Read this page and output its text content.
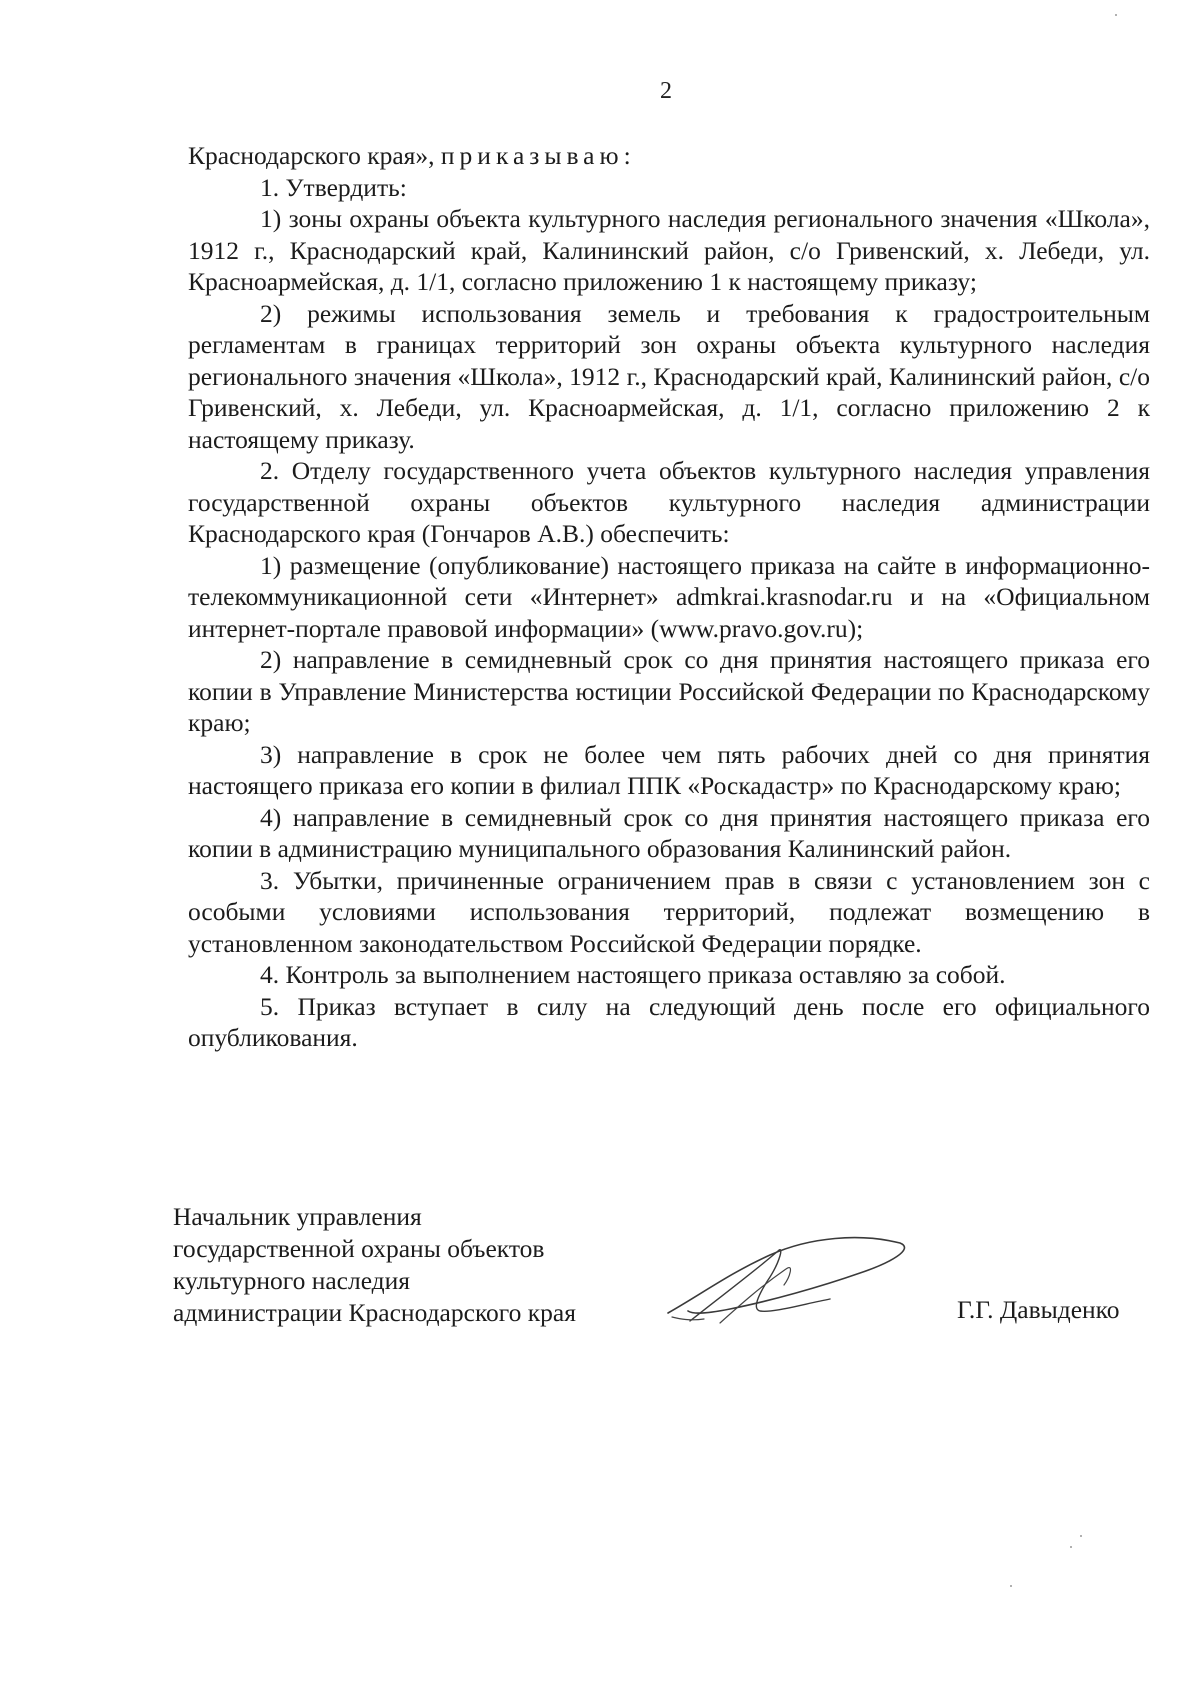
2

Краснодарского края», приказываю:

1. Утвердить:

1) зоны охраны объекта культурного наследия регионального значения «Школа», 1912 г., Краснодарский край, Калининский район, с/о Гривенский, х. Лебеди, ул. Красноармейская, д. 1/1, согласно приложению 1 к настоящему приказу;

2) режимы использования земель и требования к градостроительным регламентам в границах территорий зон охраны объекта культурного наследия регионального значения «Школа», 1912 г., Краснодарский край, Калининский район, с/о Гривенский, х. Лебеди, ул. Красноармейская, д. 1/1, согласно приложению 2 к настоящему приказу.

2. Отделу государственного учета объектов культурного наследия управления государственной охраны объектов культурного наследия администрации Краснодарского края (Гончаров А.В.) обеспечить:

1) размещение (опубликование) настоящего приказа на сайте в информационно-телекоммуникационной сети «Интернет» admkrai.krasnodar.ru и на «Официальном интернет-портале правовой информации» (www.pravo.gov.ru);

2) направление в семидневный срок со дня принятия настоящего приказа его копии в Управление Министерства юстиции Российской Федерации по Краснодарскому краю;

3) направление в срок не более чем пять рабочих дней со дня принятия настоящего приказа его копии в филиал ППК «Роскадастр» по Краснодарскому краю;

4) направление в семидневный срок со дня принятия настоящего приказа его копии в администрацию муниципального образования Калининский район.

3. Убытки, причиненные ограничением прав в связи с установлением зон с особыми условиями использования территорий, подлежат возмещению в установленном законодательством Российской Федерации порядке.

4. Контроль за выполнением настоящего приказа оставляю за собой.

5. Приказ вступает в силу на следующий день после его официального опубликования.

Начальник управления
государственной охраны объектов
культурного наследия
администрации Краснодарского края	Г.Г. Давыденко
